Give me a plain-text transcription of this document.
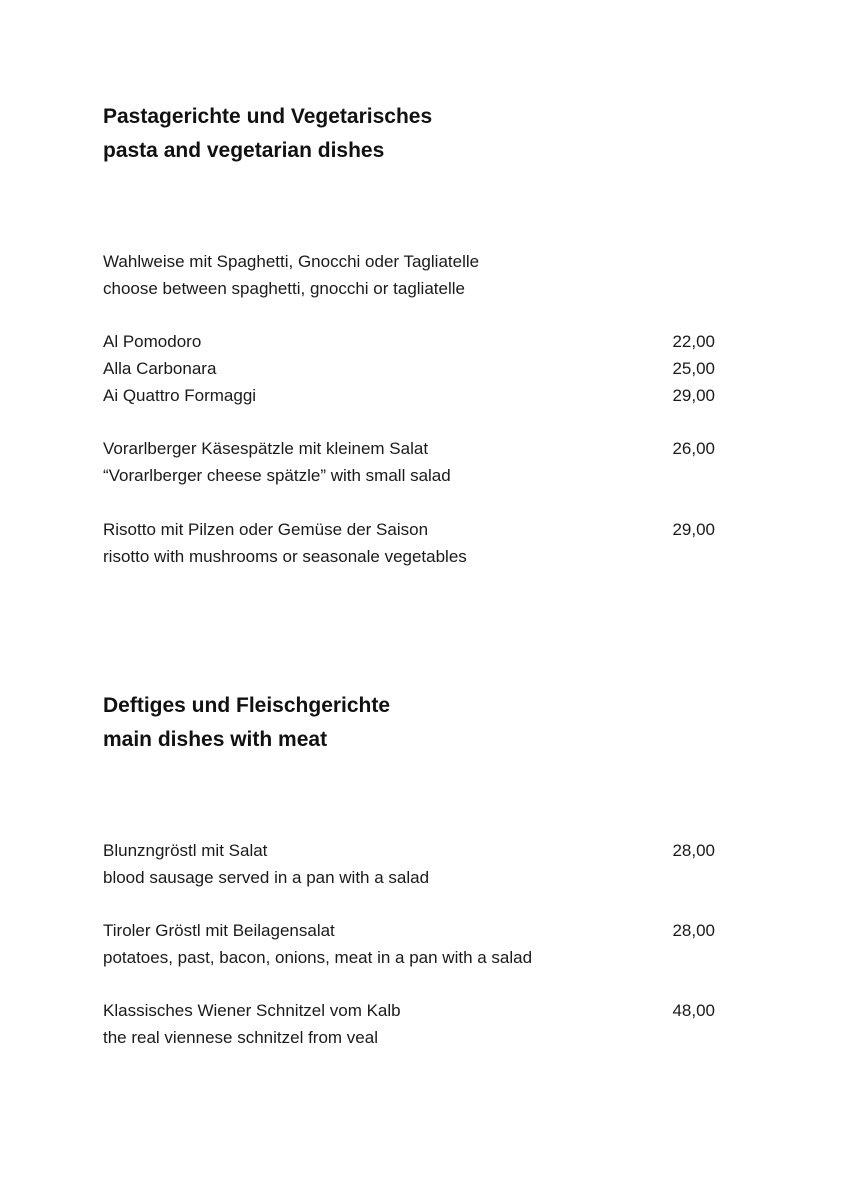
Pastagerichte und Vegetarisches
pasta and vegetarian dishes
Wahlweise mit Spaghetti, Gnocchi oder Tagliatelle
choose between spaghetti, gnocchi or tagliatelle
Al Pomodoro	22,00
Alla Carbonara	25,00
Ai Quattro Formaggi	29,00
Vorarlberger Käsespätzle mit kleinem Salat	26,00
“Vorarlberger cheese spätzle” with small salad
Risotto mit Pilzen oder Gemüse der Saison	29,00
risotto with mushrooms or seasonale vegetables
Deftiges und Fleischgerichte
main dishes with meat
Blunzngröstl mit Salat	28,00
blood sausage served in a pan with a salad
Tiroler Gröstl mit Beilagensalat	28,00
potatoes, past, bacon, onions, meat in a pan with a salad
Klassisches Wiener Schnitzel vom Kalb	48,00
the real viennese schnitzel from veal
